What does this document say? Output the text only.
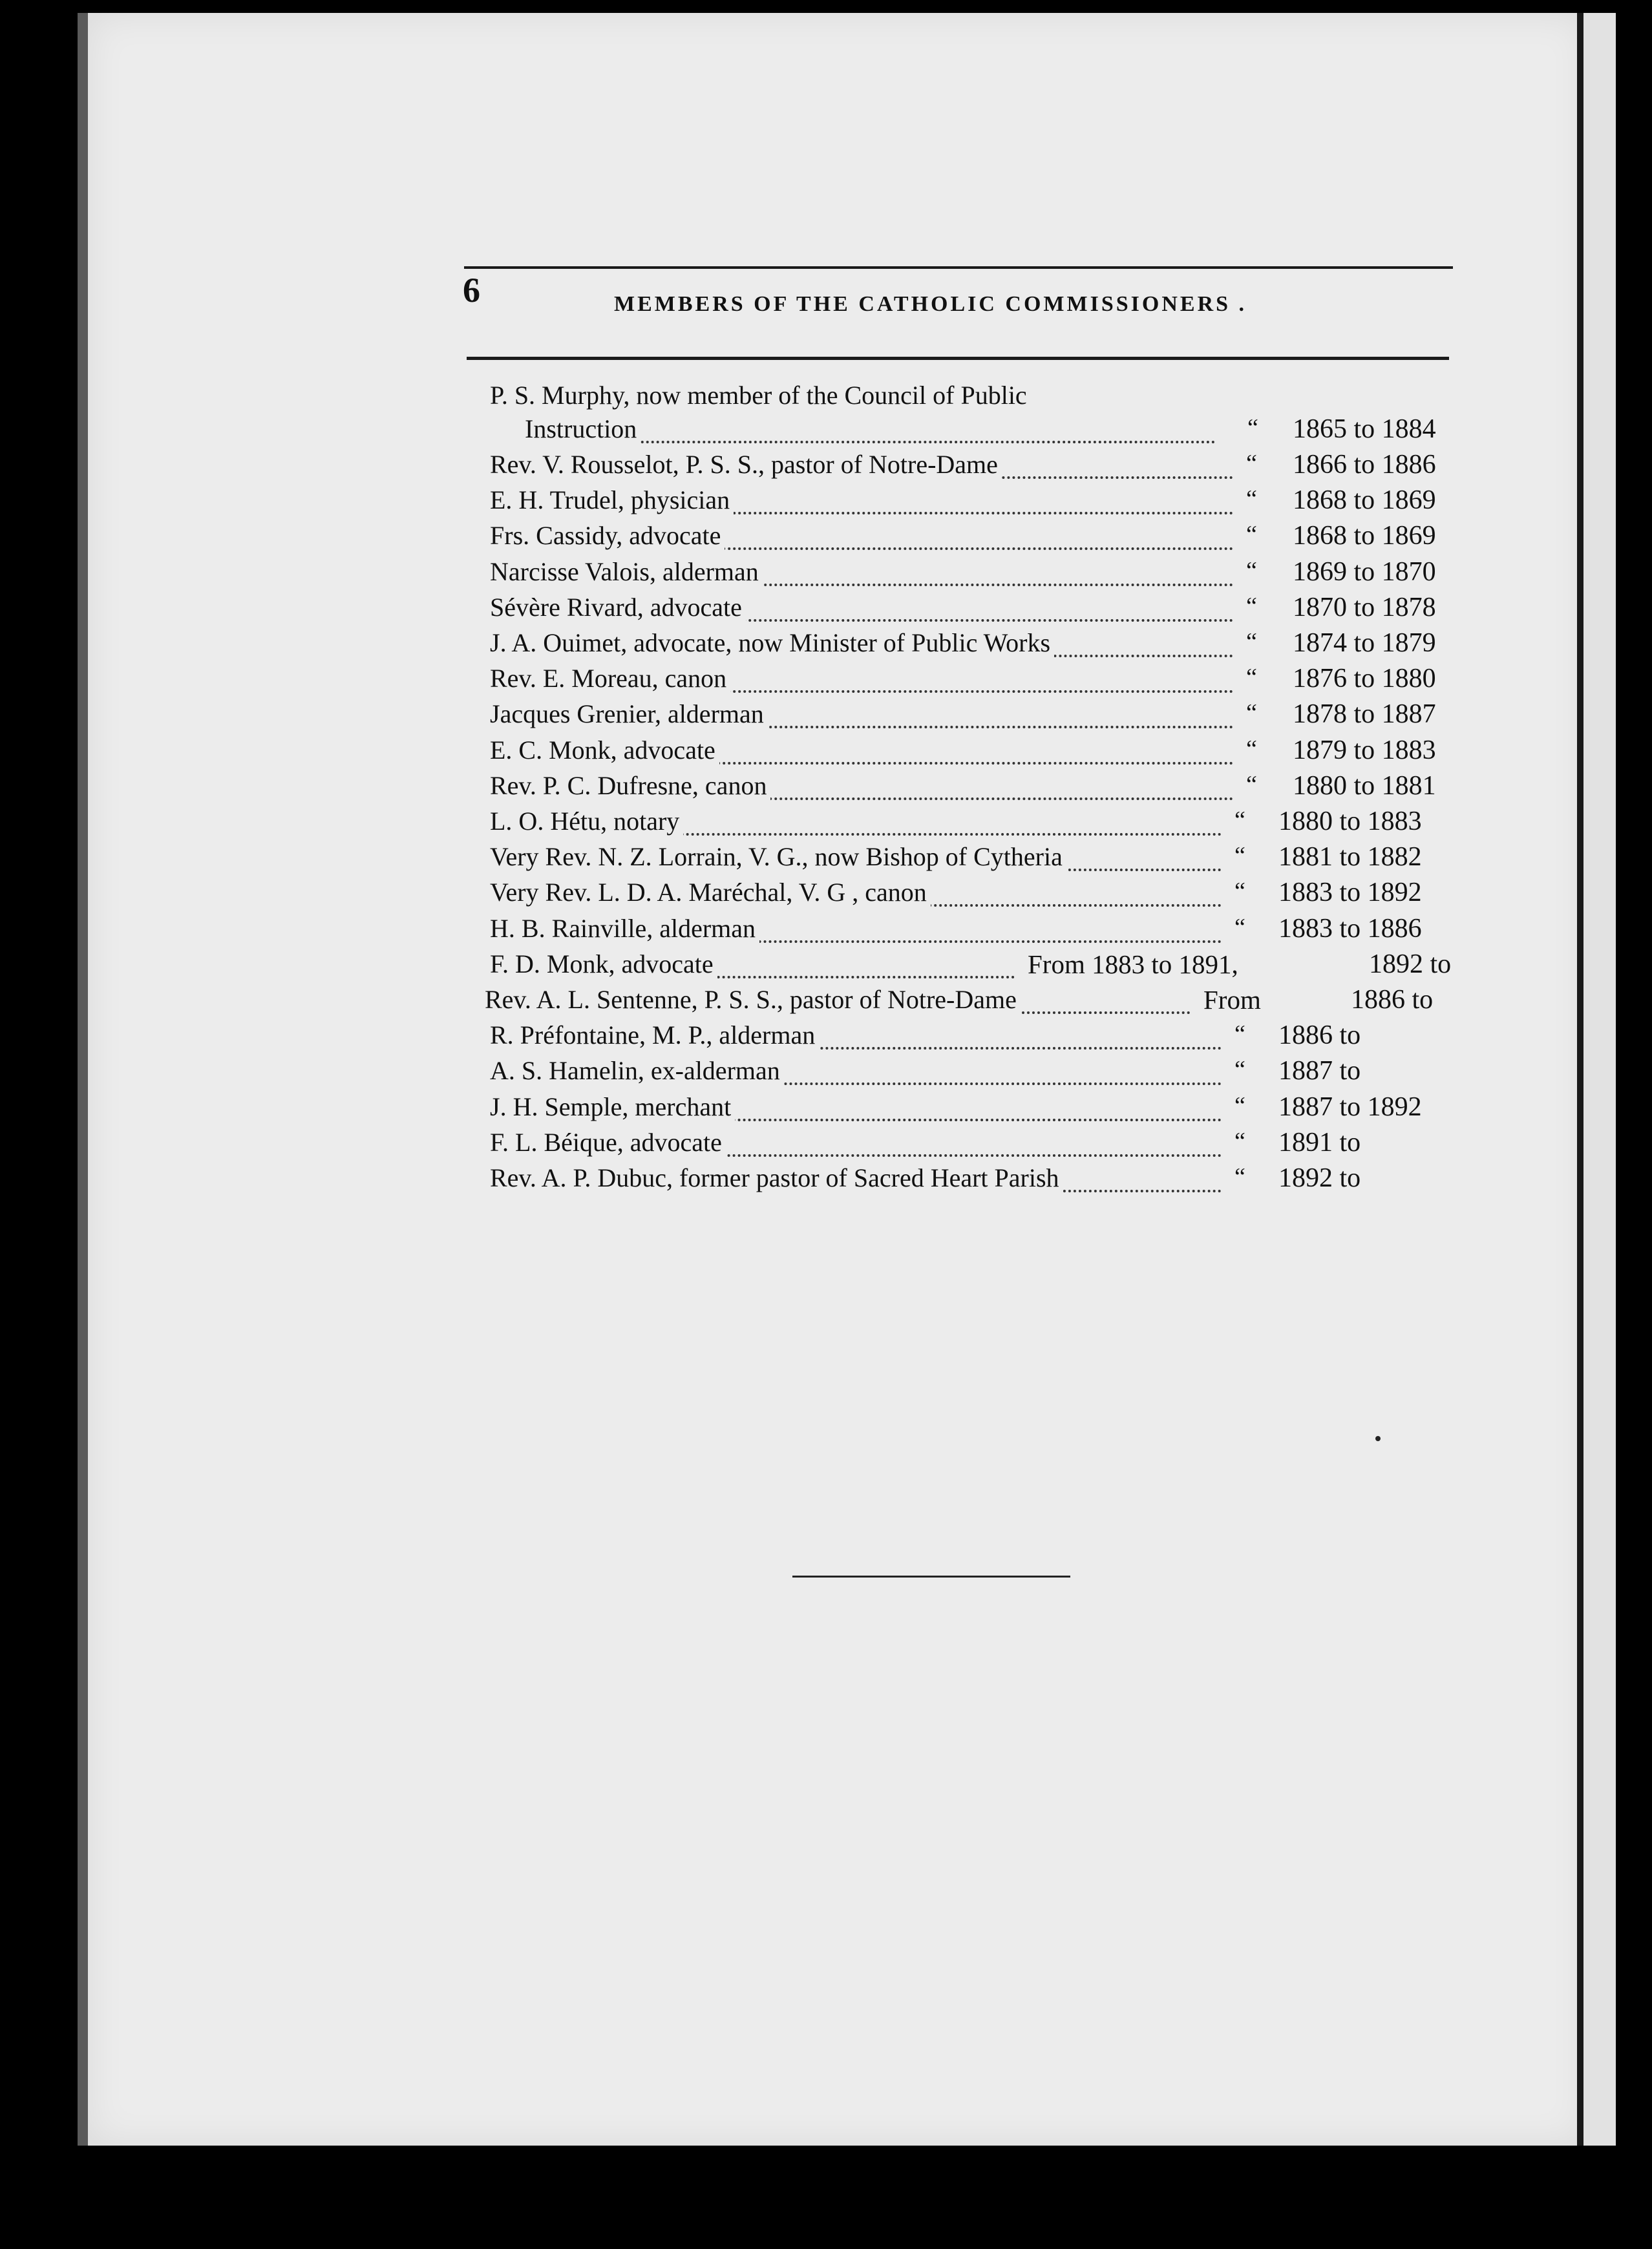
6	MEMBERS OF THE CATHOLIC COMMISSIONERS .
P. S. Murphy, now member of the Council of Public
Instruction	“ 1865 to 1884
Rev. V. Rousselot, P. S. S., pastor of Notre-Dame	“ 1866 to 1886
E. H. Trudel, physician	“ 1868 to 1869
Frs. Cassidy, advocate	“ 1868 to 1869
Narcisse Valois, alderman	“ 1869 to 1870
Sévère Rivard, advocate	“ 1870 to 1878
J. A. Ouimet, advocate, now Minister of Public Works	“ 1874 to 1879
Rev. E. Moreau, canon	“ 1876 to 1880
Jacques Grenier, alderman	“ 1878 to 1887
E. C. Monk, advocate	“ 1879 to 1883
Rev. P. C. Dufresne, canon	“ 1880 to 1881
L. O. Hétu, notary	“ 1880 to 1883
Very Rev. N. Z. Lorrain, V. G., now Bishop of Cytheria	“ 1881 to 1882
Very Rev. L. D. A. Maréchal, V. G , canon	“ 1883 to 1892
H. B. Rainville, alderman	“ 1883 to 1886
F. D. Monk, advocate	From 1883 to 1891,	1892 to
Rev. A. L. Sentenne, P. S. S., pastor of Notre-Dame	From	1886 to
R. Préfontaine, M. P., alderman	“ 1886 to
A. S. Hamelin, ex-alderman	“ 1887 to
J. H. Semple, merchant	“ 1887 to 1892
F. L. Béique, advocate	“ 1891 to
Rev. A. P. Dubuc, former pastor of Sacred Heart Parish	“ 1892 to
